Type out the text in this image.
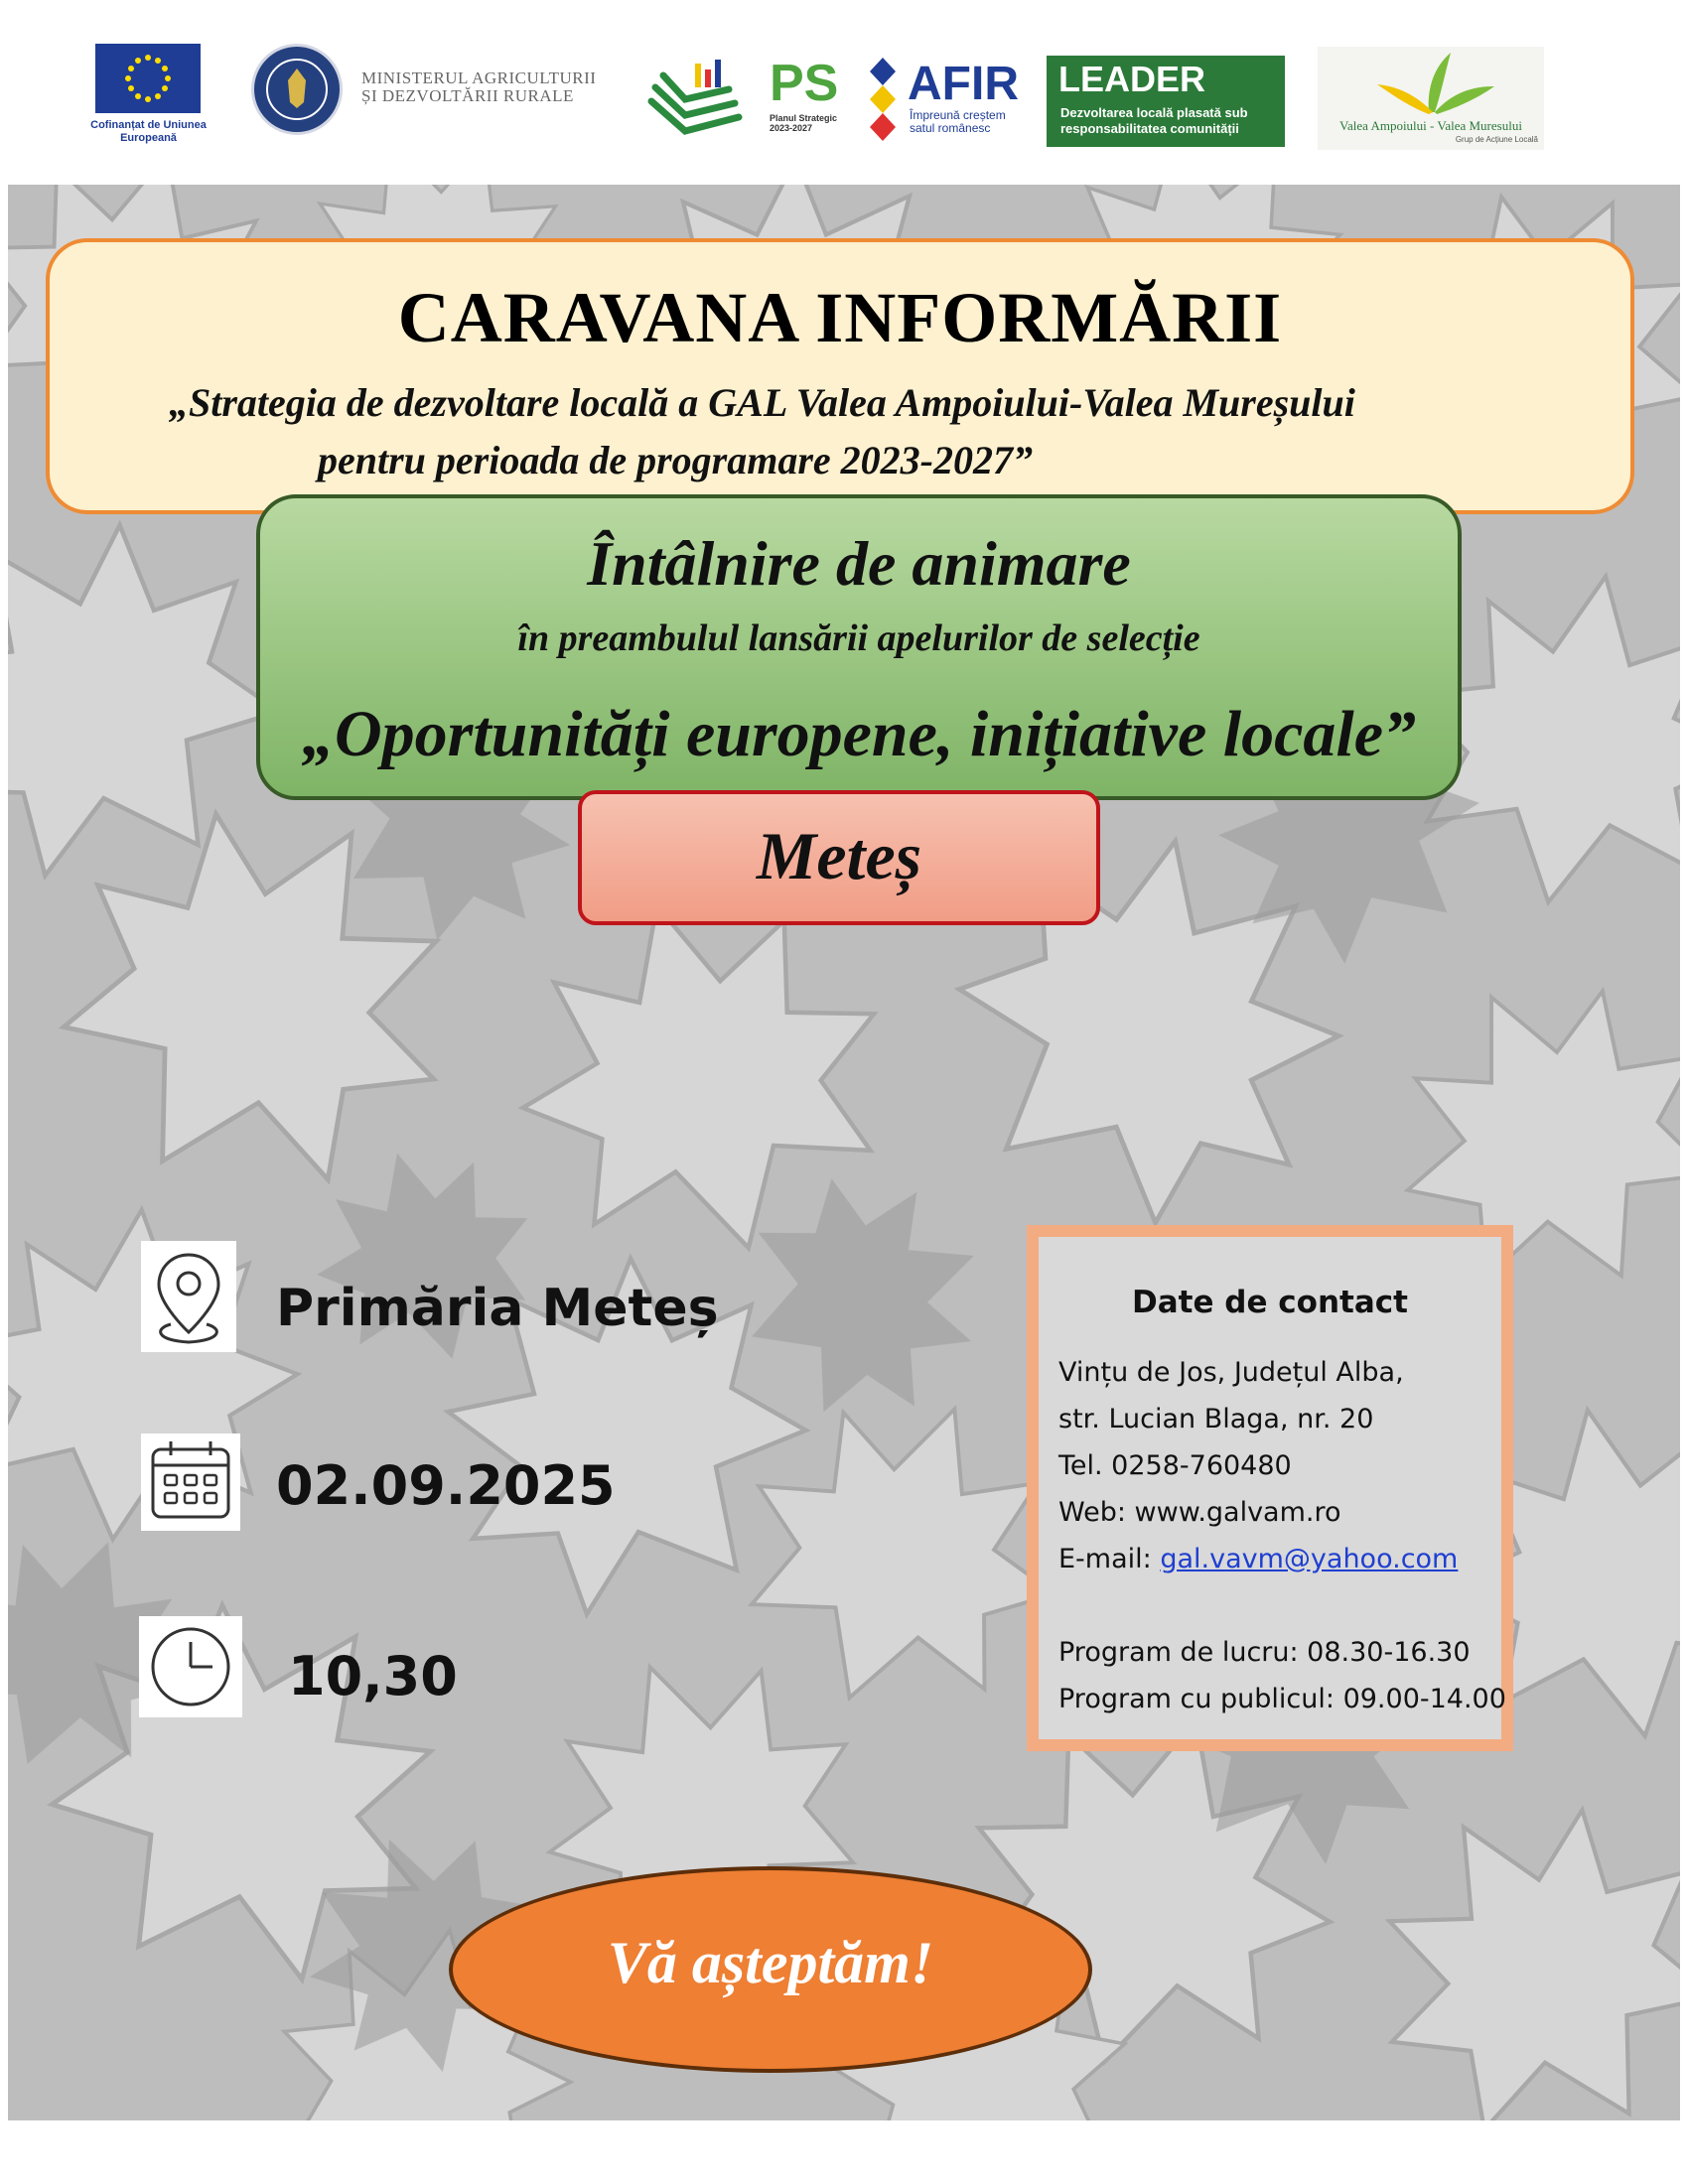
Cofinanțat de Uniunea Europeană
MINISTERUL AGRICULTURII
ȘI DEZVOLTĂRII RURALE	PS
Planul Strategic 2023-2027
AFIR
Împreună creștem satul românesc
LEADER
Dezvoltarea locală plasată sub responsabilitatea comunității	Valea Ampoiului - Valea Muresului
Grup de Acțiune Locală
CARAVANA INFORMĂRII
„Strategia de dezvoltare locală a GAL Valea Ampoiului-Valea Mureșului
pentru perioada de programare 2023-2027”
Întâlnire de animare
în preambulul lansării apelurilor de selecție
„Oportunități europene, inițiative locale”
Meteș
Primăria Meteș
02.09.2025
10,30
Date de contact
Vințu de Jos, Județul Alba,
str. Lucian Blaga, nr. 20
Tel. 0258-760480
Web: www.galvam.ro
E-mail: gal.vavm@yahoo.com
Program de lucru: 08.30-16.30
Program cu publicul: 09.00-14.00
Vă așteptăm!
